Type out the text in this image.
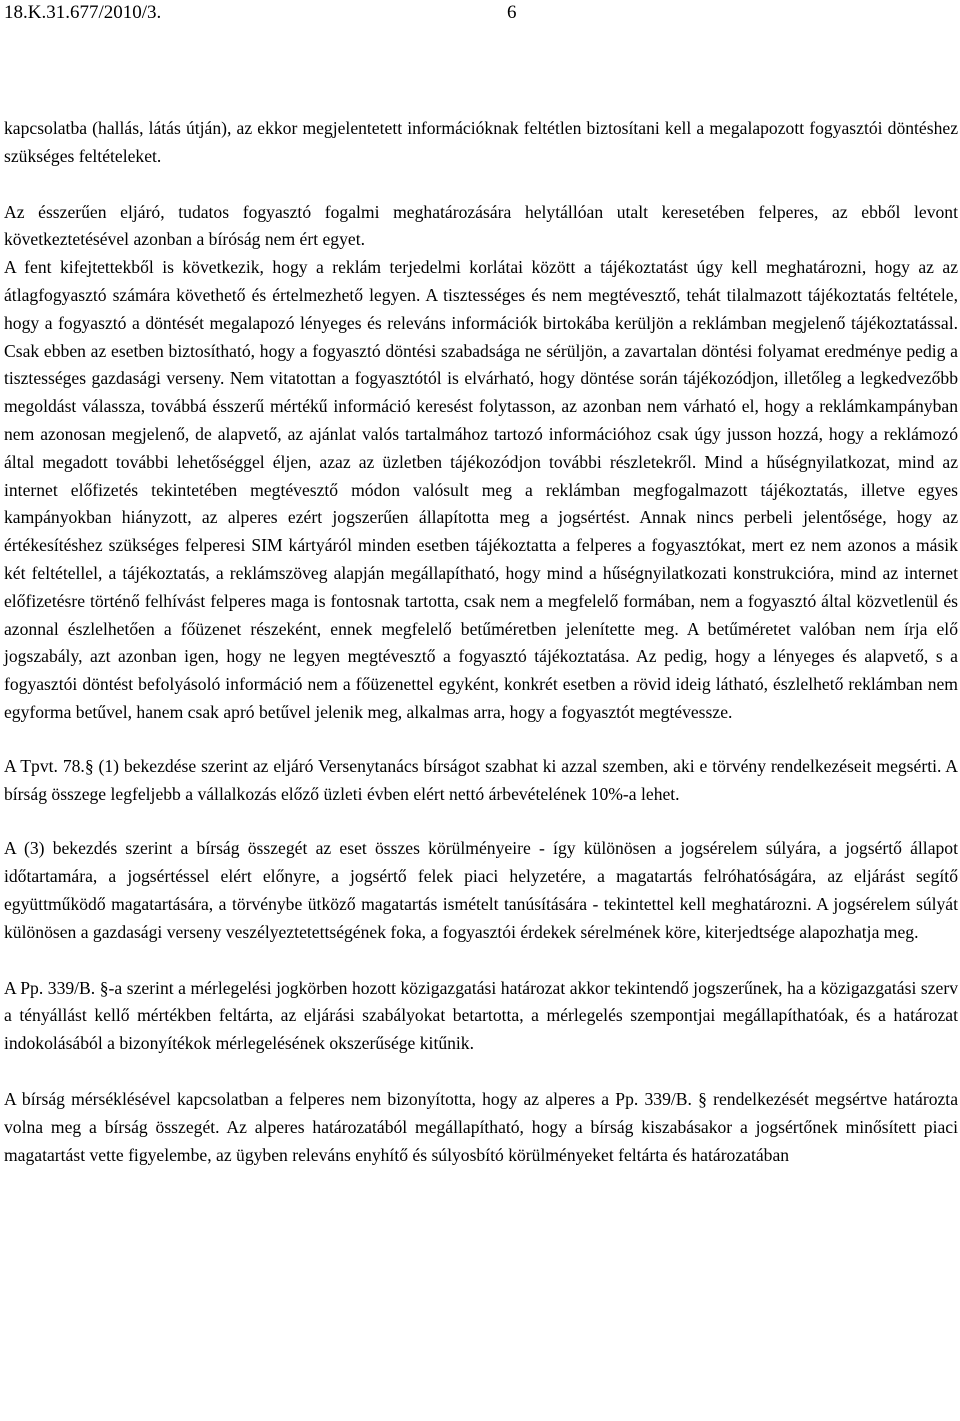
18.K.31.677/2010/3.	6

kapcsolatba (hallás, látás útján), az ekkor megjelentetett információknak feltétlen biztosítani kell a megalapozott fogyasztói döntéshez szükséges feltételeket.

Az ésszerűen eljáró, tudatos fogyasztó fogalmi meghatározására helytállóan utalt keresetében felperes, az ebből levont következtetésével azonban a bíróság nem ért egyet.

A fent kifejtettekből is következik, hogy a reklám terjedelmi korlátai között a tájékoztatást úgy kell meghatározni, hogy az az átlagfogyasztó számára követhető és értelmezhető legyen. A tisztességes és nem megtévesztő, tehát tilalmazott tájékoztatás feltétele, hogy a fogyasztó a döntését megalapozó lényeges és releváns információk birtokába kerüljön a reklámban megjelenő tájékoztatással. Csak ebben az esetben biztosítható, hogy a fogyasztó döntési szabadsága ne sérüljön, a zavartalan döntési folyamat eredménye pedig a tisztességes gazdasági verseny. Nem vitatottan a fogyasztótól is elvárható, hogy döntése során tájékozódjon, illetőleg a legkedvezőbb megoldást válassza, továbbá ésszerű mértékű információ keresést folytasson, az azonban nem várható el, hogy a reklámkampányban nem azonosan megjelenő, de alapvető, az ajánlat valós tartalmához tartozó információhoz csak úgy jusson hozzá, hogy a reklámozó által megadott további lehetőséggel éljen, azaz az üzletben tájékozódjon további részletekről. Mind a hűségnyilatkozat, mind az internet előfizetés tekintetében megtévesztő módon valósult meg a reklámban megfogalmazott tájékoztatás, illetve egyes kampányokban hiányzott, az alperes ezért jogszerűen állapította meg a jogsértést. Annak nincs perbeli jelentősége, hogy az értékesítéshez szükséges felperesi SIM kártyáról minden esetben tájékoztatta a felperes a fogyasztókat, mert ez nem azonos a másik két feltétellel, a tájékoztatás, a reklámszöveg alapján megállapítható, hogy mind a hűségnyilatkozati konstrukcióra, mind az internet előfizetésre történő felhívást felperes maga is fontosnak tartotta, csak nem a megfelelő formában, nem a fogyasztó által közvetlenül és azonnal észlelhetően a főüzenet részeként, ennek megfelelő betűméretben jelenítette meg. A betűméretet valóban nem írja elő jogszabály, azt azonban igen, hogy ne legyen megtévesztő a fogyasztó tájékoztatása. Az pedig, hogy a lényeges és alapvető, s a fogyasztói döntést befolyásoló információ nem a főüzenettel egyként, konkrét esetben a rövid ideig látható, észlelhető reklámban nem egyforma betűvel, hanem csak apró betűvel jelenik meg, alkalmas arra, hogy a fogyasztót megtévessze.

A Tpvt. 78.§ (1) bekezdése szerint az eljáró Versenytanács bírságot szabhat ki azzal szemben, aki e törvény rendelkezéseit megsérti. A bírság összege legfeljebb a vállalkozás előző üzleti évben elért nettó árbevételének 10%-a lehet.

A (3) bekezdés szerint a bírság összegét az eset összes körülményeire - így különösen a jogsérelem súlyára, a jogsértő állapot időtartamára, a jogsértéssel elért előnyre, a jogsértő felek piaci helyzetére, a magatartás felróhatóságára, az eljárást segítő együttműködő magatartására, a törvénybe ütköző magatartás ismételt tanúsítására - tekintettel kell meghatározni. A jogsérelem súlyát különösen a gazdasági verseny veszélyeztetettségének foka, a fogyasztói érdekek sérelmének köre, kiterjedtsége alapozhatja meg.

A Pp. 339/B. §-a szerint a mérlegelési jogkörben hozott közigazgatási határozat akkor tekintendő jogszerűnek, ha a közigazgatási szerv a tényállást kellő mértékben feltárta, az eljárási szabályokat betartotta, a mérlegelés szempontjai megállapíthatóak, és a határozat indokolásából a bizonyítékok mérlegelésének okszerűsége kitűnik.

A bírság mérséklésével kapcsolatban a felperes nem bizonyította, hogy az alperes a Pp. 339/B. § rendelkezését megsértve határozta volna meg a bírság összegét. Az alperes határozatából megállapítható, hogy a bírság kiszabásakor a jogsértőnek minősített piaci magatartást vette figyelembe, az ügyben releváns enyhítő és súlyosbító körülményeket feltárta és határozatában
